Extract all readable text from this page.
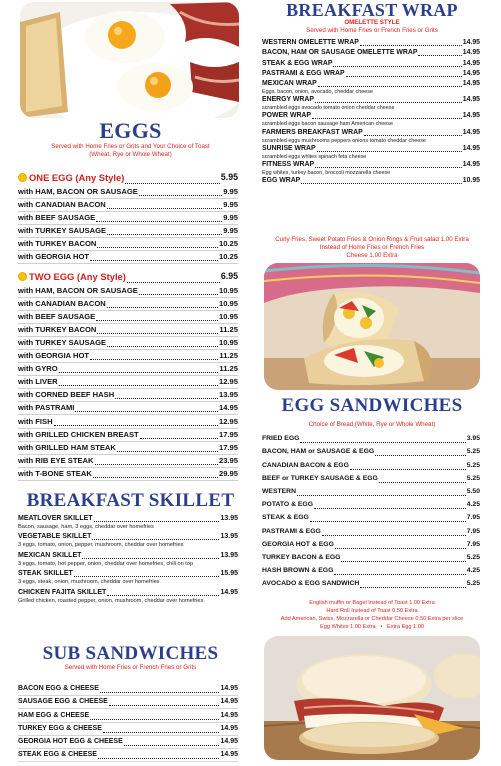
EGGS
Served with Home Fries or Grits and Your Choice of Toast
(Wheat, Rye or Whole Wheat)
ONE EGG (Any Style)	5.95
with HAM, BACON OR SAUSAGE	9.95
with CANADIAN BACON	9.95
with BEEF SAUSAGE	9.95
with TURKEY SAUSAGE	9.95
with TURKEY BACON	10.25
with GEORGIA HOT	10.25
TWO EGG (Any Style)	6.95
with HAM, BACON OR SAUSAGE	10.95
with CANADIAN BACON	10.95
with BEEF SAUSAGE	10.95
with TURKEY BACON	11.25
with TURKEY SAUSAGE	10.95
with GEORGIA HOT	11.25
with GYRO	11.25
with LIVER	12.95
with CORNED BEEF HASH	13.95
with PASTRAMI	14.95
with FISH	12.95
with GRILLED CHICKEN BREAST	17.95
with GRILLED HAM STEAK	17.95
with RIB EYE STEAK	23.95
with T-BONE STEAK	29.95
BREAKFAST SKILLET
MEATLOVER SKILLET	13.95
Bacon, sausage, ham, 3 eggs, cheddar over homefries
VEGETABLE SKILLET	13.95
3 eggs, tomato, onion, pepper, mushroom, cheddar over homefries
MEXICAN SKILLET	13.95
3 eggs, tomato, hot pepper, onion, cheddar over homefries, chili on top
STEAK SKILLET	15.95
3 eggs, steak, onion, mushroom, cheddar over homefries
CHICKEN FAJITA SKILLET	14.95
Grilled chicken, roasted pepper, onion, mushroom, cheddar over homefries
SUB SANDWICHES
Served with Home Fries or French Fries or Grits
BACON EGG & CHEESE	14.95
SAUSAGE EGG & CHEESE	14.95
HAM EGG & CHEESE	14.95
TURKEY EGG & CHEESE	14.95
GEORGIA HOT EGG & CHEESE	14.95
STEAK EGG & CHEESE	14.95
BREAKFAST WRAP
OMELETTE STYLE
Served with Home Fries or French Fries or Grits
WESTERN OMELETTE WRAP	14.95
BACON, HAM OR SAUSAGE OMELETTE WRAP	14.95
STEAK & EGG WRAP	14.95
PASTRAMI & EGG WRAP	14.95
MEXICAN WRAP	14.95
Eggs, bacon, onion, avocado, cheddar cheese
ENERGY WRAP	14.95
scrambled eggs avocado tomato onion cheddar cheese
POWER WRAP	14.95
scrambled eggs bacon sausage ham American cheese
FARMERS BREAKFAST WRAP	14.95
scrambled eggs mushrooms peppers onions tomato cheddar cheese
SUNRISE WRAP	14.95
scrambled eggs whites spinach feta cheese
FITNESS WRAP	14.95
Egg whites, turkey bacon, broccoli mozzarella cheese
EGG WRAP	10.95
Curly Fries, Sweet Potato Fries & Onion Rings & Fruit salad 1.00 Extra
Instead of Home Fries or French Fries
Cheese 1.00 Extra
EGG SANDWICHES
Choice of Bread (White, Rye or Whole Wheat)
FRIED EGG	3.95
BACON, HAM or SAUSAGE & EGG	5.25
CANADIAN BACON & EGG	5.25
BEEF or TURKEY SAUSAGE & EGG	5.25
WESTERN	5.50
POTATO & EGG	4.25
STEAK & EGG	7.95
PASTRAMI & EGG	7.95
GEORGIA HOT & EGG	7.95
TURKEY BACON & EGG	5.25
HASH BROWN & EGG	4.25
AVOCADO & EGG SANDWICH	5.25
English muffin or Bagel Instead of Toast 1.00 Extra
Hard Roll Instead of Toast 0.50 Extra
Add American, Swiss, Mozzarella or Cheddar Cheese 0.50 Extra per slice
Egg Whites 1.00 Extra • Extra Egg 1.00
